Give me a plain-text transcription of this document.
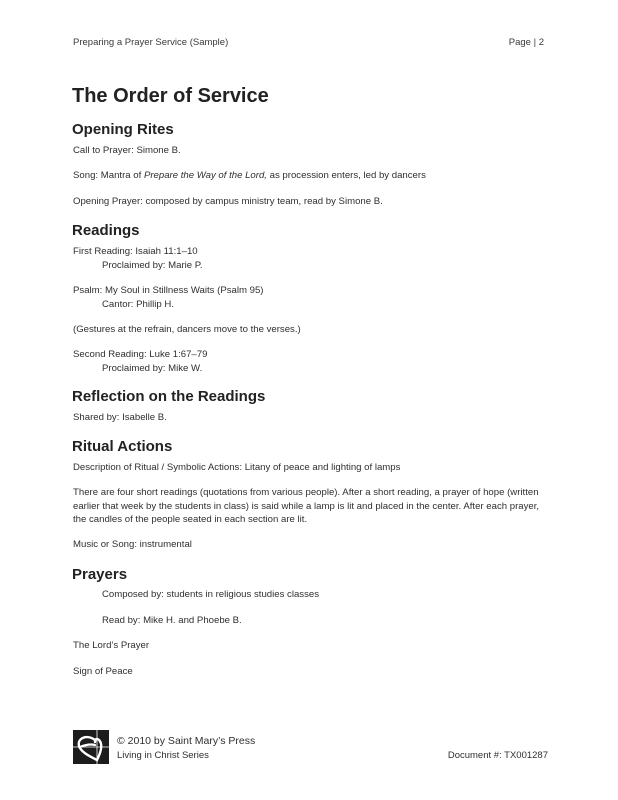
Preparing a Prayer Service (Sample)	Page | 2
The Order of Service
Opening Rites

Call to Prayer: Simone B.

Song: Mantra of Prepare the Way of the Lord, as procession enters, led by dancers

Opening Prayer: composed by campus ministry team, read by Simone B.

Readings

First Reading: Isaiah 11:1–10

Proclaimed by: Marie P.

Psalm: My Soul in Stillness Waits (Psalm 95)

Cantor: Phillip H.

(Gestures at the refrain, dancers move to the verses.)

Second Reading: Luke 1:67–79

Proclaimed by: Mike W.

Reflection on the Readings

Shared by: Isabelle B.

Ritual Actions

Description of Ritual / Symbolic Actions: Litany of peace and lighting of lamps

There are four short readings (quotations from various people). After a short reading, a prayer of hope (written earlier that week by the students in class) is said while a lamp is lit and placed in the center. After each prayer, the candles of the people seated in each section are lit.

Music or Song: instrumental

Prayers

Composed by: students in religious studies classes

Read by: Mike H. and Phoebe B.

The Lord’s Prayer

Sign of Peace

© 2010 by Saint Mary’s Press
Living in Christ Series	Document #: TX001287
